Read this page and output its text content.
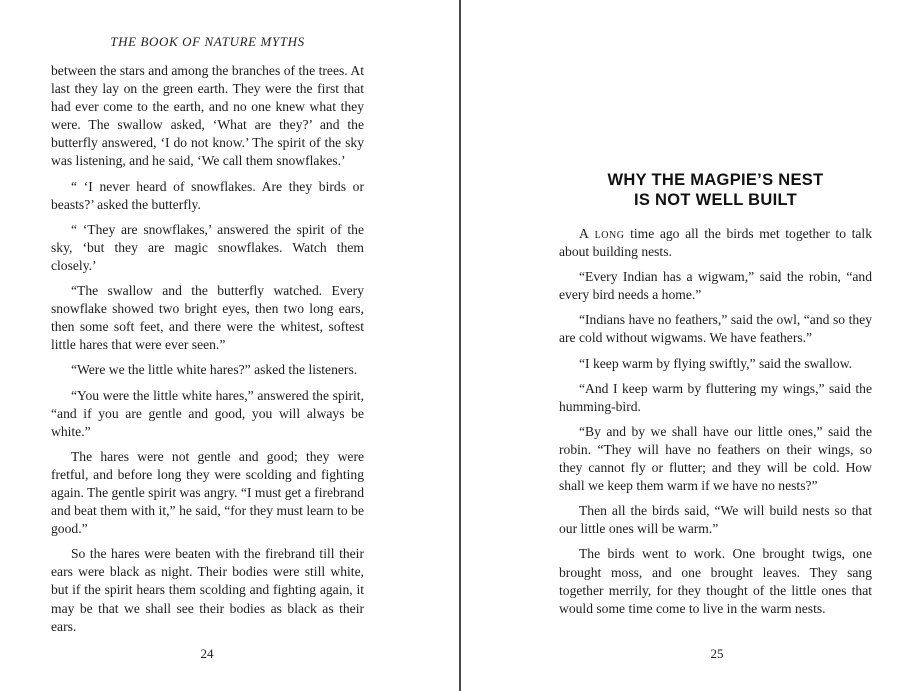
THE BOOK OF NATURE MYTHS

between the stars and among the branches of the trees. At last they lay on the green earth. They were the first that had ever come to the earth, and no one knew what they were. The swallow asked, ‘What are they?’ and the butterfly answered, ‘I do not know.’ The spirit of the sky was listening, and he said, ‘We call them snowflakes.’

“ ‘I never heard of snowflakes. Are they birds or beasts?’ asked the butterfly.

“ ‘They are snowflakes,’ answered the spirit of the sky, ‘but they are magic snowflakes. Watch them closely.’

“The swallow and the butterfly watched. Every snowflake showed two bright eyes, then two long ears, then some soft feet, and there were the whitest, softest little hares that were ever seen.”

“Were we the little white hares?” asked the listeners.

“You were the little white hares,” answered the spirit, “and if you are gentle and good, you will always be white.”

The hares were not gentle and good; they were fretful, and before long they were scolding and fighting again. The gentle spirit was angry. “I must get a firebrand and beat them with it,” he said, “for they must learn to be good.”

So the hares were beaten with the firebrand till their ears were black as night. Their bodies were still white, but if the spirit hears them scolding and fighting again, it may be that we shall see their bodies as black as their ears.

24
WHY THE MAGPIE’S NEST
IS NOT WELL BUILT

A long time ago all the birds met together to talk about building nests.

“Every Indian has a wigwam,” said the robin, “and every bird needs a home.”

“Indians have no feathers,” said the owl, “and so they are cold without wigwams. We have feathers.”

“I keep warm by flying swiftly,” said the swallow.

“And I keep warm by fluttering my wings,” said the humming-bird.

“By and by we shall have our little ones,” said the robin. “They will have no feathers on their wings, so they cannot fly or flutter; and they will be cold. How shall we keep them warm if we have no nests?”

Then all the birds said, “We will build nests so that our little ones will be warm.”

The birds went to work. One brought twigs, one brought moss, and one brought leaves. They sang together merrily, for they thought of the little ones that would some time come to live in the warm nests.

25
